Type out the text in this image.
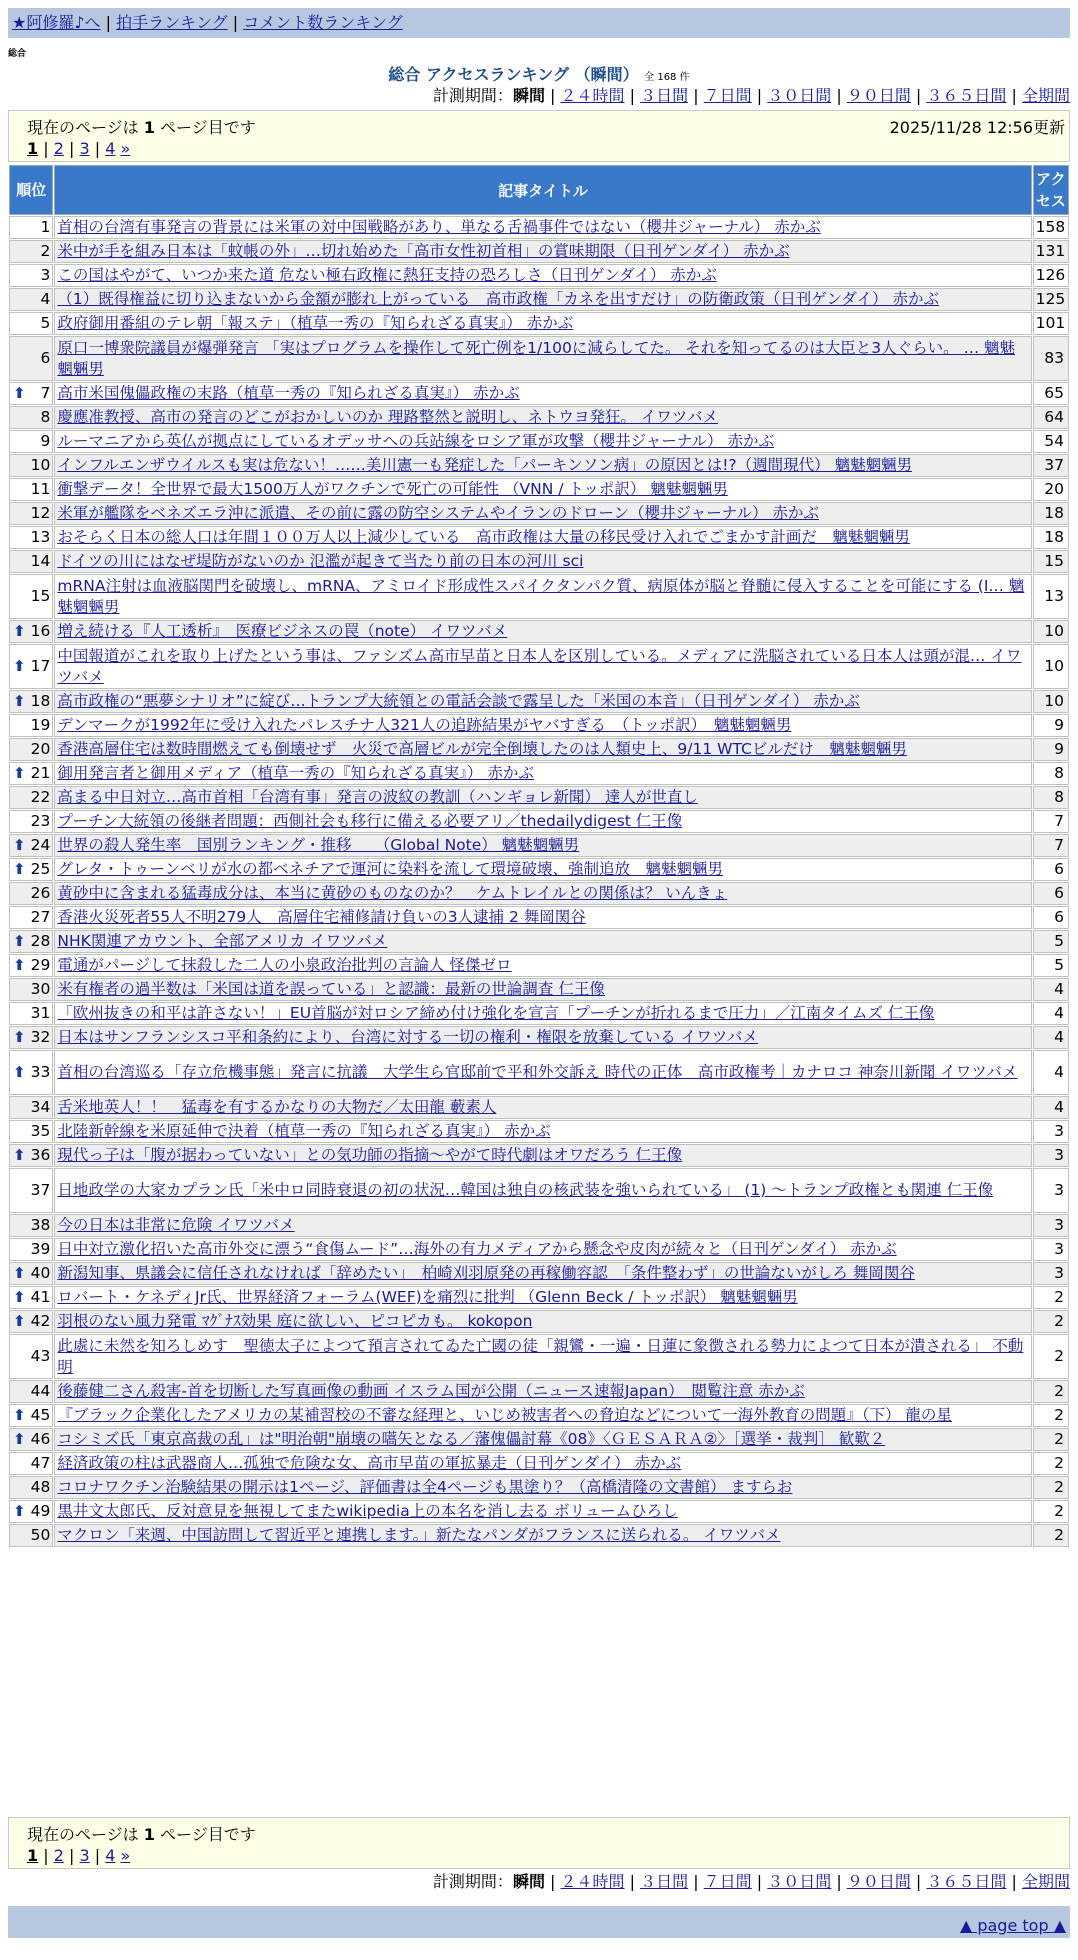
★阿修羅♪へ | 拍手ランキング | コメント数ランキング
総合
総合 アクセスランキング （瞬間） 全 168 件
計測期間：瞬間 | ２４時間 | ３日間 | ７日間 | ３０日間 | ９０日間 | ３６５日間 | 全期間
現在のページは 1 ページ目です	2025/11/28 12:56更新
1 | 2 | 3 | 4 »
順位	記事タイトル	アクセス
1	首相の台湾有事発言の背景には米軍の対中国戦略があり、単なる舌禍事件ではない（櫻井ジャーナル） 赤かぶ	158
2	米中が手を組み日本は「蚊帳の外」…切れ始めた「高市女性初首相」の賞味期限（日刊ゲンダイ） 赤かぶ	131
3	この国はやがて、いつか来た道 危ない極右政権に熱狂支持の恐ろしさ（日刊ゲンダイ） 赤かぶ	126
4	（1）既得権益に切り込まないから金額が膨れ上がっている　高市政権「カネを出すだけ」の防衛政策（日刊ゲンダイ） 赤かぶ	125
5	政府御用番組のテレ朝「報ステ」（植草一秀の『知られざる真実』） 赤かぶ	101
6	原口一博衆院議員が爆弾発言 「実はプログラムを操作して死亡例を1/100に減らしてた。 それを知ってるのは大臣と3人ぐらい。 … 魑魅魍魎男	83

⬆ 7	高市米国傀儡政権の末路（植草一秀の『知られざる真実』） 赤かぶ	65
8	慶應准教授、高市の発言のどこがおかしいのか 理路整然と説明し、ネトウヨ発狂。 イワツバメ	64
9	ルーマニアから英仏が拠点にしているオデッサへの兵站線をロシア軍が攻撃（櫻井ジャーナル） 赤かぶ	54
10	インフルエンザウイルスも実は危ない！……美川憲一も発症した「パーキンソン病」の原因とは!?（週間現代） 魑魅魍魎男	37
11	衝撃データ！全世界で最大1500万人がワクチンで死亡の可能性 （VNN / トッポ訳） 魑魅魍魎男	20
12	米軍が艦隊をベネズエラ沖に派遣、その前に露の防空システムやイランのドローン（櫻井ジャーナル） 赤かぶ	18
13	おそらく日本の総人口は年間１００万人以上減少している　高市政権は大量の移民受け入れでごまかす計画だ　魑魅魍魎男	18
14	ドイツの川にはなぜ堤防がないのか 氾濫が起きて当たり前の日本の河川 sci	15
15	mRNA注射は血液脳関門を破壊し、mRNA、アミロイド形成性スパイクタンパク質、病原体が脳と脊髄に侵入することを可能にする (I… 魑魅魍魎男	13

⬆ 16	増え続ける『人工透析』　医療ビジネスの罠（note） イワツバメ	10

⬆ 17	中国報道がこれを取り上げたという事は、ファシズム高市早苗と日本人を区別している。メディアに洗脳されている日本人は頭が混… イワツバメ	10

⬆ 18	高市政権の“悪夢シナリオ”に綻び…トランプ大統領との電話会談で露呈した「米国の本音」（日刊ゲンダイ） 赤かぶ	10
19	デンマークが1992年に受け入れたパレスチナ人321人の追跡結果がヤバすぎる　（トッポ訳）　魑魅魍魎男	9
20	香港高層住宅は数時間燃えても倒壊せず　火災で高層ビルが完全倒壊したのは人類史上、9/11 WTCビルだけ　魑魅魍魎男	9

⬆ 21	御用発言者と御用メディア（植草一秀の『知られざる真実』） 赤かぶ	8
22	高まる中日対立…高市首相「台湾有事」発言の波紋の教訓（ハンギョレ新聞） 達人が世直し	8
23	プーチン大統領の後継者問題：西側社会も移行に備える必要アリ／thedailydigest 仁王像	7

⬆ 24	世界の殺人発生率　国別ランキング・推移　　（Global Note） 魑魅魍魎男	7

⬆ 25	グレタ・トゥーンベリが水の都ベネチアで運河に染料を流して環境破壊、強制追放　魑魅魍魎男	6
26	黄砂中に含まれる猛毒成分は、本当に黄砂のものなのか？　ケムトレイルとの関係は？ いんきょ	6
27	香港火災死者55人不明279人　高層住宅補修請け負いの3人逮捕 2 舞岡関谷	6

⬆ 28	NHK関連アカウント、全部アメリカ イワツバメ	5

⬆ 29	電通がパージして抹殺した二人の小泉政治批判の言論人 怪傑ゼロ	5
30	米有権者の過半数は「米国は道を誤っている」と認識：最新の世論調査 仁王像	4
31	「欧州抜きの和平は許さない！」EU首脳が対ロシア締め付け強化を宣言「プーチンが折れるまで圧力」／江南タイムズ 仁王像	4

⬆ 32	日本はサンフランシスコ平和条約により、台湾に対する一切の権利・権限を放棄している イワツバメ	4

⬆ 33	首相の台湾巡る「存立危機事態」発言に抗議　大学生ら官邸前で平和外交訴え 時代の正体　高市政権考｜カナロコ 神奈川新聞 イワツバメ	4
34	舌米地英人！！　猛毒を有するかなりの大物だ／太田龍 藪素人	4
35	北陸新幹線を米原延伸で決着（植草一秀の『知られざる真実』） 赤かぶ	3

⬆ 36	現代っ子は「腹が据わっていない」との気功師の指摘～やがて時代劇はオワだろう 仁王像	3
37	日地政学の大家カプラン氏「米中ロ同時衰退の初の状況…韓国は独自の核武装を強いられている」 (1) ～トランプ政権とも関連 仁王像	3
38	今の日本は非常に危険 イワツバメ	3
39	日中対立激化招いた高市外交に漂う“食傷ムード”…海外の有力メディアから懸念や皮肉が続々と（日刊ゲンダイ） 赤かぶ	3

⬆ 40	新潟知事、県議会に信任されなければ「辞めたい」　柏崎刈羽原発の再稼働容認　「条件整わず」の世論ないがしろ 舞岡関谷	3

⬆ 41	ロバート・ケネディJr氏、世界経済フォーラム(WEF)を痛烈に批判 （Glenn Beck / トッポ訳） 魑魅魍魎男	2

⬆ 42	羽根のない風力発電 ﾏｸﾞﾅｽ効果 庭に欲しい、ピコピカも。 kokopon	2
43	此處に未然を知ろしめす　聖徳太子によつて預言されてゐた亡國の徒「親鸞・一遍・日蓮に象徴される勢力によつて日本が潰される」 不動明	2
44	後藤健二さん殺害-首を切断した写真画像の動画 イスラム国が公開（ニュース速報Japan）　閲覧注意 赤かぶ	2

⬆ 45	『ブラック企業化したアメリカの某補習校の不審な経理と、いじめ被害者への脅迫などについて一海外教育の問題』（下） 龍の星	2

⬆ 46	コシミズ氏「東京高裁の乱」は"明治朝"崩壊の嚆矢となる／藩傀儡討幕《08》〈ＧＥＳＡＲＡ②〉［選挙・裁判］ 歓歎２	2
47	経済政策の柱は武器商人…孤独で危険な女、高市早苗の軍拡暴走（日刊ゲンダイ） 赤かぶ	2
48	コロナワクチン治験結果の開示は1ページ、評価書は全4ページも黒塗り？（高橋清隆の文書館） ますらお	2

⬆ 49	黒井文太郎氏、反対意見を無視してまたwikipedia上の本名を消し去る ボリュームひろし	2
50	マクロン「来週、中国訪問して習近平と連携します。」新たなパンダがフランスに送られる。 イワツバメ	2
現在のページは 1 ページ目です
1 | 2 | 3 | 4 »
計測期間：瞬間 | ２４時間 | ３日間 | ７日間 | ３０日間 | ９０日間 | ３６５日間 | 全期間
▲ page top ▲
